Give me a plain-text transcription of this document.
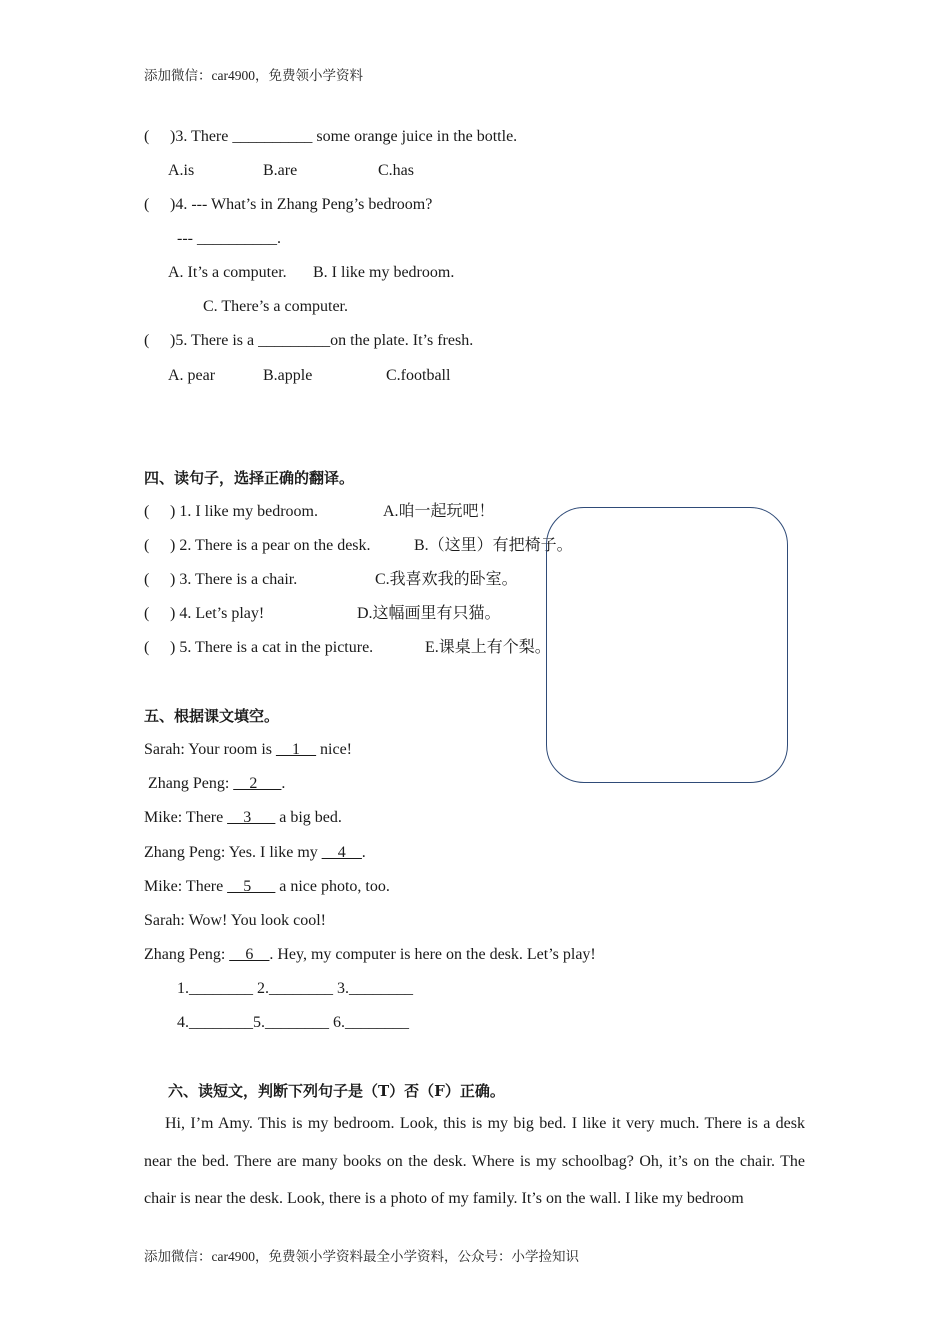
添加微信：car4900，免费领小学资料
( )3. There __________ some orange juice in the bottle.
A.is	B.are	C.has
( )4. --- What’s in Zhang Peng’s bedroom?
--- __________.
A. It’s a computer. B. I like my bedroom.
C. There’s a computer.
( )5. There is a _________on the plate. It’s fresh.
A. pear	B.apple	C.football
四、读句子，选择正确的翻译。
( ) 1. I like my bedroom.	A.咱一起玩吧！
( ) 2. There is a pear on the desk.	B.（这里）有把椅子。
( ) 3. There is a chair.	C.我喜欢我的卧室。
( ) 4. Let’s play!	D.这幅画里有只猫。
( ) 5. There is a cat in the picture.	E.课桌上有个梨。
五、根据课文填空。
Sarah: Your room is __1__ nice!
Zhang Peng: __2___.
Mike: There __3___ a big bed.
Zhang Peng: Yes. I like my __4__.
Mike: There __5___ a nice photo, too.
Sarah: Wow! You look cool!
Zhang Peng: __6__. Hey, my computer is here on the desk. Let’s play!
1.________ 2.________ 3.________
4.________5.________ 6.________
六、读短文，判断下列句子是（T）否（F）正确。
Hi, I’m Amy. This is my bedroom. Look, this is my big bed. I like it very much. There is a desk near the bed. There are many books on the desk. Where is my schoolbag? Oh, it’s on the chair. The chair is near the desk. Look, there is a photo of my family. It’s on the wall. I like my bedroom
添加微信：car4900，免费领小学资料最全小学资料，公众号：小学捡知识
